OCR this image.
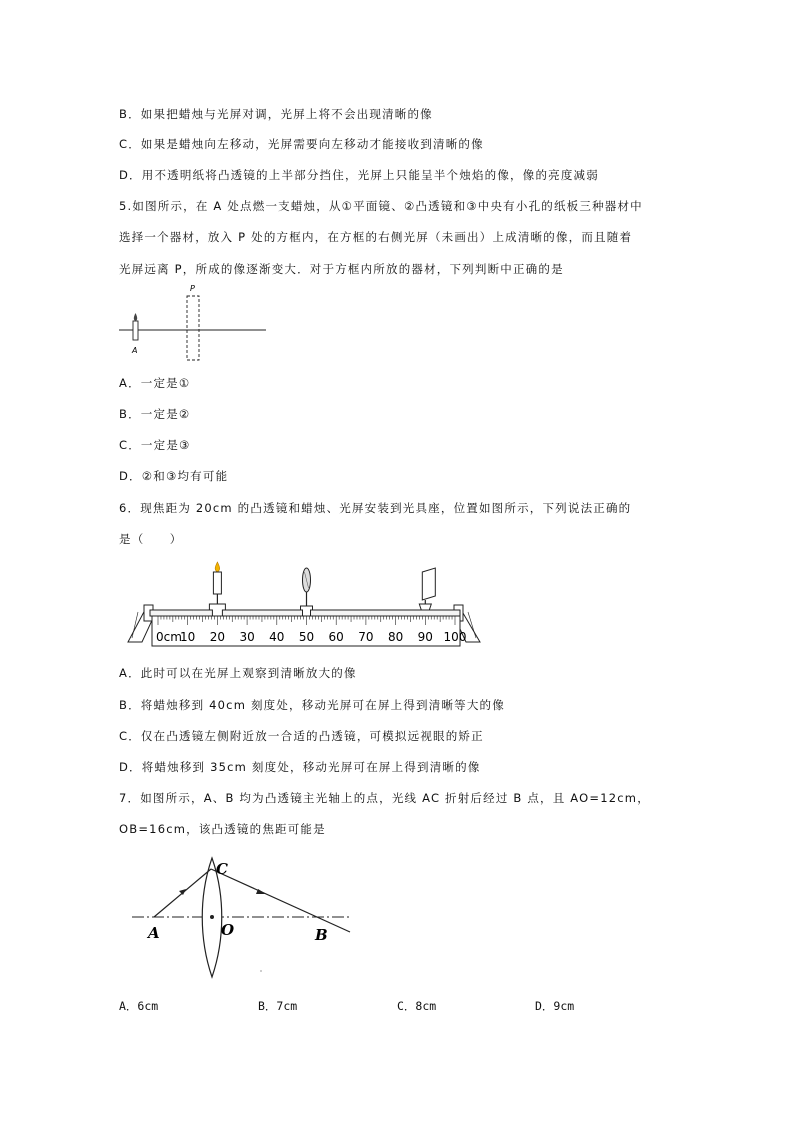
B．如果把蜡烛与光屏对调，光屏上将不会出现清晰的像
C．如果是蜡烛向左移动，光屏需要向左移动才能接收到清晰的像
D．用不透明纸将凸透镜的上半部分挡住，光屏上只能呈半个烛焰的像，像的亮度减弱
5.如图所示，在 A 处点燃一支蜡烛，从①平面镜、②凸透镜和③中央有小孔的纸板三种器材中
选择一个器材，放入 P 处的方框内，在方框的右侧光屏（未画出）上成清晰的像，而且随着
光屏远离 P，所成的像逐渐变大．对于方框内所放的器材，下列判断中正确的是
A
P
A．一定是①
B．一定是②
C．一定是③
D．②和③均有可能
6．现焦距为 20cm 的凸透镜和蜡烛、光屏安装到光具座，位置如图所示，下列说法正确的
是（　　）
0cm
10 20 30 40 50 60 70 80 90 100
A．此时可以在光屏上观察到清晰放大的像
B．将蜡烛移到 40cm 刻度处，移动光屏可在屏上得到清晰等大的像
C．仅在凸透镜左侧附近放一合适的凸透镜，可模拟远视眼的矫正
D．将蜡烛移到 35cm 刻度处，移动光屏可在屏上得到清晰的像
7．如图所示，A、B 均为凸透镜主光轴上的点，光线 AC 折射后经过 B 点，且 AO=12cm，
OB=16cm，该凸透镜的焦距可能是
A	O	B
C
A．6cm	B．7cm	C．8cm	D．9cm
